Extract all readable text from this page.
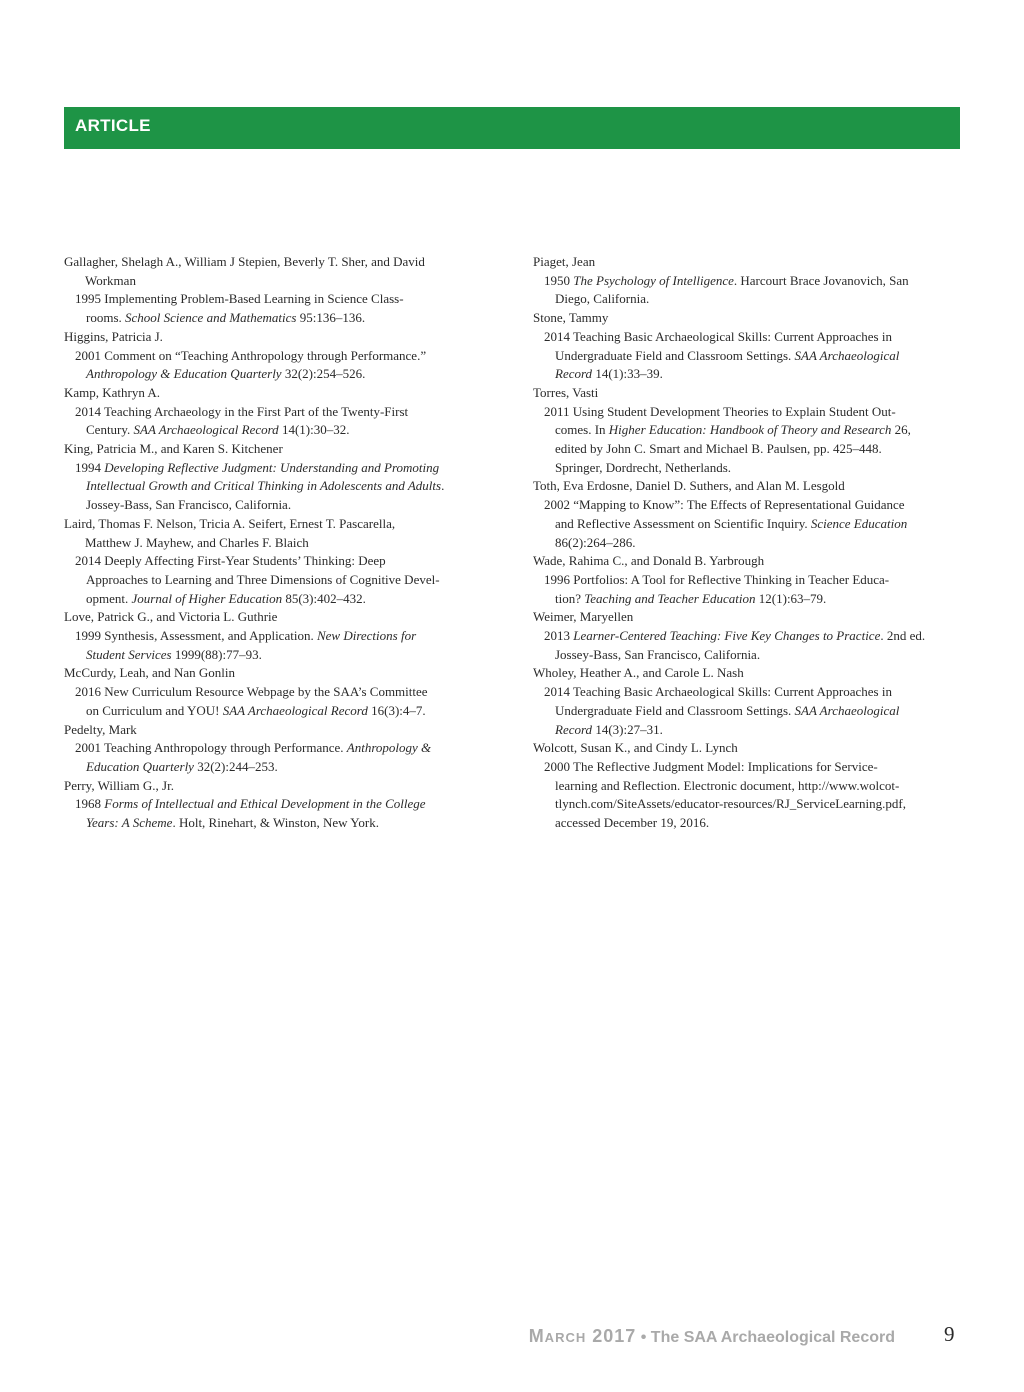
ARTICLE
Gallagher, Shelagh A., William J Stepien, Beverly T. Sher, and David
Workman
1995 Implementing Problem-Based Learning in Science Class-
rooms. School Science and Mathematics 95:136–136.
Higgins, Patricia J.
2001 Comment on “Teaching Anthropology through Performance.”
Anthropology & Education Quarterly 32(2):254–526.
Kamp, Kathryn A.
2014 Teaching Archaeology in the First Part of the Twenty-First
Century. SAA Archaeological Record 14(1):30–32.
King, Patricia M., and Karen S. Kitchener
1994 Developing Reflective Judgment: Understanding and Promoting
Intellectual Growth and Critical Thinking in Adolescents and Adults.
Jossey-Bass, San Francisco, California.
Laird, Thomas F. Nelson, Tricia A. Seifert, Ernest T. Pascarella,
Matthew J. Mayhew, and Charles F. Blaich
2014 Deeply Affecting First-Year Students’ Thinking: Deep
Approaches to Learning and Three Dimensions of Cognitive Devel-
opment. Journal of Higher Education 85(3):402–432.
Love, Patrick G., and Victoria L. Guthrie
1999 Synthesis, Assessment, and Application. New Directions for
Student Services 1999(88):77–93.
McCurdy, Leah, and Nan Gonlin
2016 New Curriculum Resource Webpage by the SAA’s Committee
on Curriculum and YOU! SAA Archaeological Record 16(3):4–7.
Pedelty, Mark
2001 Teaching Anthropology through Performance. Anthropology &
Education Quarterly 32(2):244–253.
Perry, William G., Jr.
1968 Forms of Intellectual and Ethical Development in the College
Years: A Scheme. Holt, Rinehart, & Winston, New York.
Piaget, Jean
1950 The Psychology of Intelligence. Harcourt Brace Jovanovich, San
Diego, California.
Stone, Tammy
2014 Teaching Basic Archaeological Skills: Current Approaches in
Undergraduate Field and Classroom Settings. SAA Archaeological
Record 14(1):33–39.
Torres, Vasti
2011 Using Student Development Theories to Explain Student Out-
comes. In Higher Education: Handbook of Theory and Research 26,
edited by John C. Smart and Michael B. Paulsen, pp. 425–448.
Springer, Dordrecht, Netherlands.
Toth, Eva Erdosne, Daniel D. Suthers, and Alan M. Lesgold
2002 “Mapping to Know”: The Effects of Representational Guidance
and Reflective Assessment on Scientific Inquiry. Science Education
86(2):264–286.
Wade, Rahima C., and Donald B. Yarbrough
1996 Portfolios: A Tool for Reflective Thinking in Teacher Educa-
tion? Teaching and Teacher Education 12(1):63–79.
Weimer, Maryellen
2013 Learner-Centered Teaching: Five Key Changes to Practice. 2nd ed.
Jossey-Bass, San Francisco, California.
Wholey, Heather A., and Carole L. Nash
2014 Teaching Basic Archaeological Skills: Current Approaches in
Undergraduate Field and Classroom Settings. SAA Archaeological
Record 14(3):27–31.
Wolcott, Susan K., and Cindy L. Lynch
2000 The Reflective Judgment Model: Implications for Service-
learning and Reflection. Electronic document, http://www.wolcot-
tlynch.com/SiteAssets/educator-resources/RJ_ServiceLearning.pdf,
accessed December 19, 2016.
March 2017 • The SAA Archaeological Record 9
